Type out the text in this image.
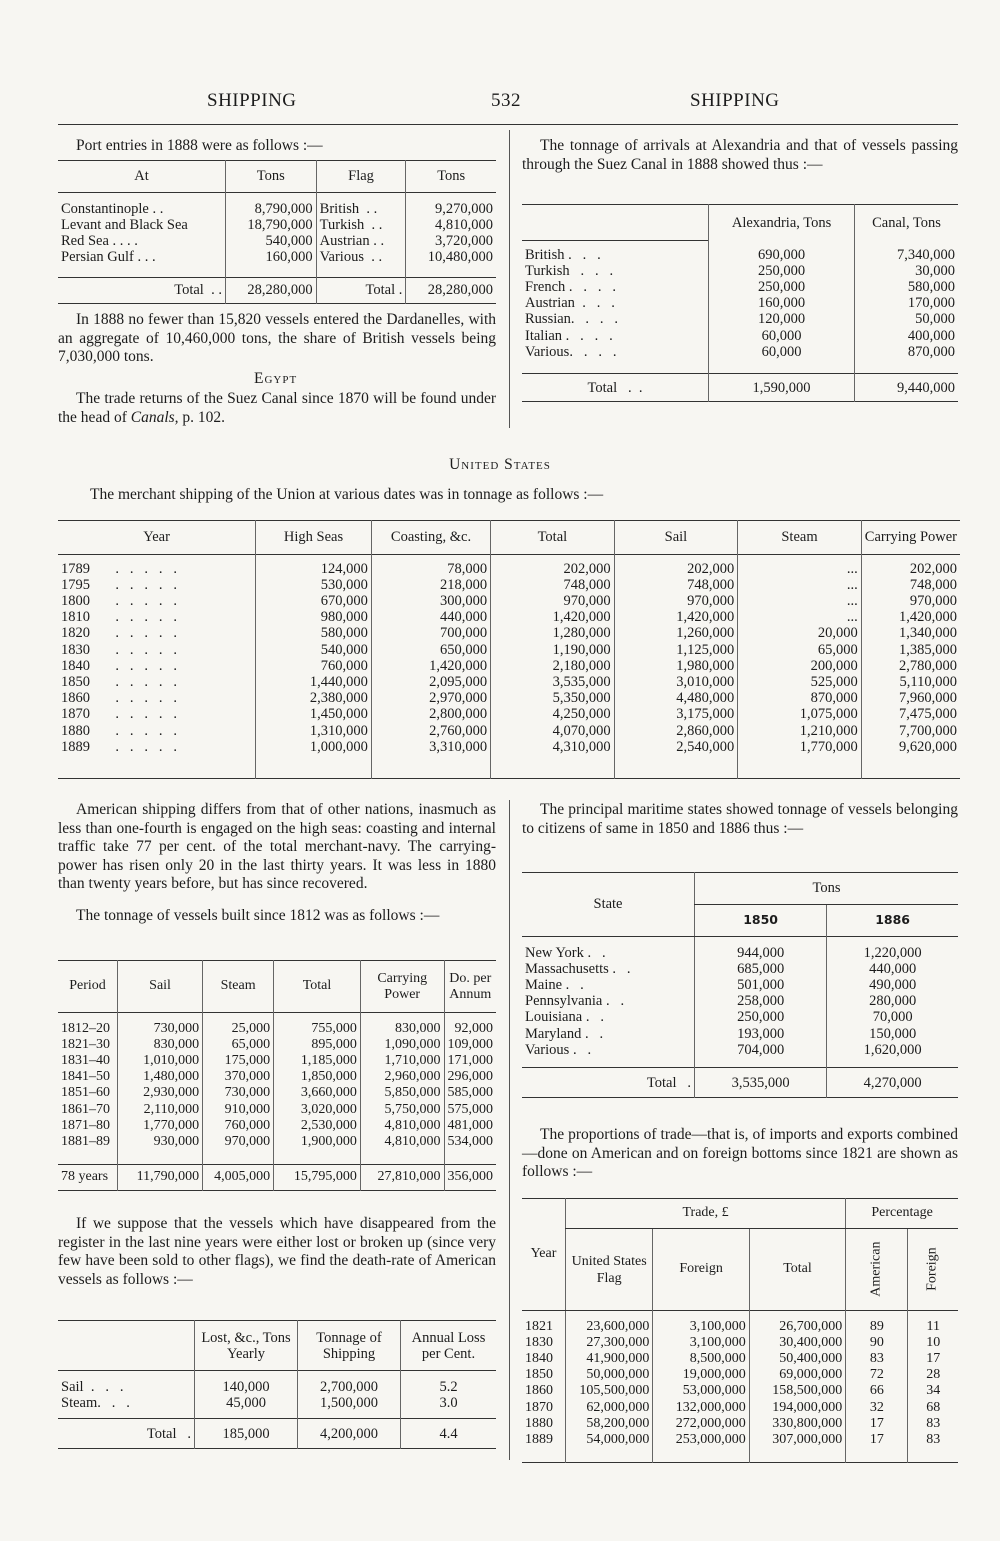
SHIPPING	532	SHIPPING
Port entries in 1888 were as follows :—
At	Tons	Flag	Tons

Constantinople . .	8,790,000	British  . .	9,270,000
Levant and Black Sea	18,790,000	Turkish  . .	4,810,000
Red Sea . . . .	540,000	Austrian . .	3,720,000
Persian Gulf . . .	160,000	Various  . .	10,480,000

Total  . .	28,280,000	Total .	28,280,000
In 1888 no fewer than 15,820 vessels entered the Dardanelles, with an aggregate of 10,460,000 tons, the share of British vessels being 7,030,000 tons.
Egypt
The trade returns of the Suez Canal since 1870 will be found under the head of Canals, p. 102.
The tonnage of arrivals at Alexandria and that of vessels passing through the Suez Canal in 1888 showed thus :—
	Alexandria, Tons	Canal, Tons

British .   .   .	690,000	7,340,000
Turkish   .   .   .	250,000	30,000
French .   .   .   .	250,000	580,000
Austrian  .   .   .	160,000	170,000
Russian.   .   .   .	120,000	50,000
Italian .   .   .   .	60,000	400,000
Various.   .   .   .	60,000	870,000

Total   .  .	1,590,000	9,440,000
United States
The merchant shipping of the Union at various dates was in tonnage as follows :—
Year	High Seas	Coasting, &c.	Total	Sail	Steam	Carrying Power

1789       .   .   .   .   .	124,000	78,000	202,000	202,000	...	202,000
1795       .   .   .   .   .	530,000	218,000	748,000	748,000	...	748,000
1800       .   .   .   .   .	670,000	300,000	970,000	970,000	...	970,000
1810       .   .   .   .   .	980,000	440,000	1,420,000	1,420,000	...	1,420,000
1820       .   .   .   .   .	580,000	700,000	1,280,000	1,260,000	20,000	1,340,000
1830       .   .   .   .   .	540,000	650,000	1,190,000	1,125,000	65,000	1,385,000
1840       .   .   .   .   .	760,000	1,420,000	2,180,000	1,980,000	200,000	2,780,000
1850       .   .   .   .   .	1,440,000	2,095,000	3,535,000	3,010,000	525,000	5,110,000
1860       .   .   .   .   .	2,380,000	2,970,000	5,350,000	4,480,000	870,000	7,960,000
1870       .   .   .   .   .	1,450,000	2,800,000	4,250,000	3,175,000	1,075,000	7,475,000
1880       .   .   .   .   .	1,310,000	2,760,000	4,070,000	2,860,000	1,210,000	7,700,000
1889       .   .   .   .   .	1,000,000	3,310,000	4,310,000	2,540,000	1,770,000	9,620,000

American shipping differs from that of other nations, inasmuch as less than one-fourth is engaged on the high seas: coasting and internal traffic take 77 per cent. of the total merchant-navy. The carrying-power has risen only 20 in the last thirty years. It was less in 1880 than twenty years before, but has since recovered.
The tonnage of vessels built since 1812 was as follows :—
Period	Sail	Steam	Total	Carrying Power	Do. per Annum

1812–20	730,000	25,000	755,000	830,000	92,000
1821–30	830,000	65,000	895,000	1,090,000	109,000
1831–40	1,010,000	175,000	1,185,000	1,710,000	171,000
1841–50	1,480,000	370,000	1,850,000	2,960,000	296,000
1851–60	2,930,000	730,000	3,660,000	5,850,000	585,000
1861–70	2,110,000	910,000	3,020,000	5,750,000	575,000
1871–80	1,770,000	760,000	2,530,000	4,810,000	481,000
1881–89	930,000	970,000	1,900,000	4,810,000	534,000

78 years	11,790,000	4,005,000	15,795,000	27,810,000	356,000
If we suppose that the vessels which have disappeared from the register in the last nine years were either lost or broken up (since very few have been sold to other flags), we find the death-rate of American vessels as follows :—
	Lost, &c., Tons Yearly	Tonnage of Shipping	Annual Loss per Cent.

Sail  .   .   .	140,000	2,700,000	5.2
Steam.   .   .	45,000	1,500,000	3.0

Total   .	185,000	4,200,000	4.4
The principal maritime states showed tonnage of vessels belonging to citizens of same in 1850 and 1886 thus :—
State	Tons	
	1850	1886

New York .   .	944,000	1,220,000
Massachusetts .   .	685,000	440,000
Maine .   .	501,000	490,000
Pennsylvania .   .	258,000	280,000
Louisiana .   .	250,000	70,000
Maryland .   .	193,000	150,000
Various .   .	704,000	1,620,000

Total   .	3,535,000	4,270,000
The proportions of trade—that is, of imports and exports combined—done on American and on foreign bottoms since 1821 are shown as follows :—
Year	Trade, £			Percentage	
	United States Flag	Foreign	Total	American	Foreign

1821	23,600,000	3,100,000	26,700,000	89	11
1830	27,300,000	3,100,000	30,400,000	90	10
1840	41,900,000	8,500,000	50,400,000	83	17
1850	50,000,000	19,000,000	69,000,000	72	28
1860	105,500,000	53,000,000	158,500,000	66	34
1870	62,000,000	132,000,000	194,000,000	32	68
1880	58,200,000	272,000,000	330,800,000	17	83
1889	54,000,000	253,000,000	307,000,000	17	83
